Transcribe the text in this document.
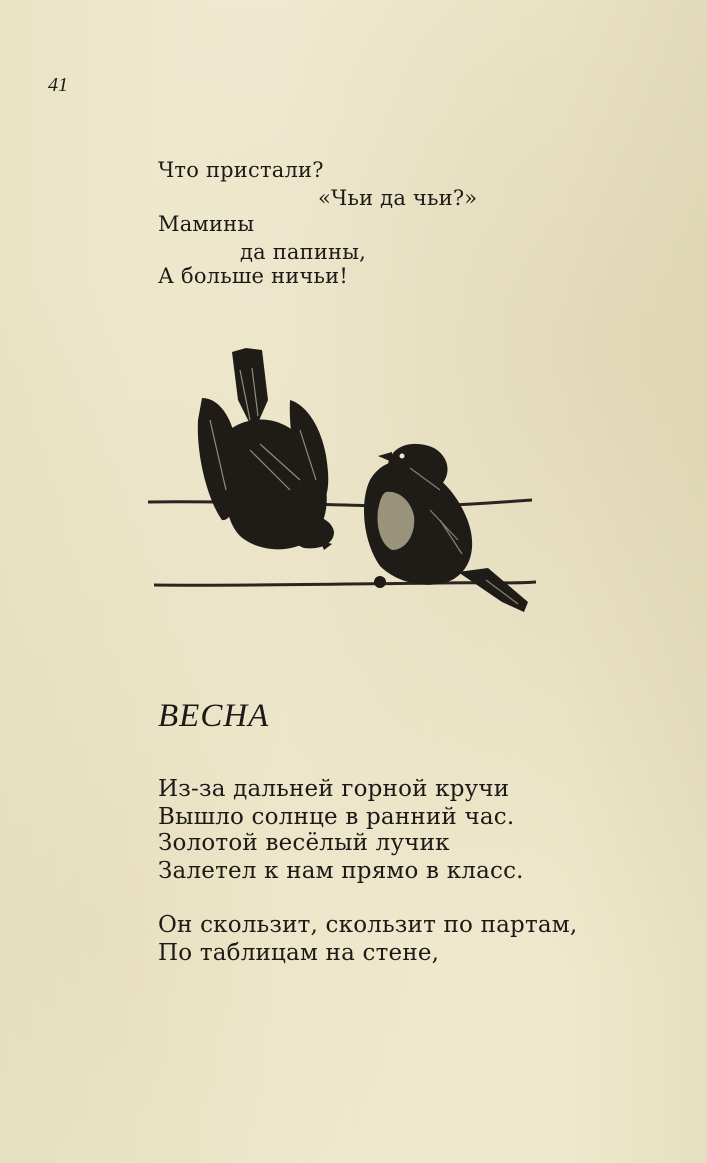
41
Что пристали?
«Чьи да чьи?»
Мамины
да папины,
А больше ничьи!
ВЕСНА
Из-за дальней горной кручи
Вышло солнце в ранний час.
Золотой весёлый лучик
Залетел к нам прямо в класс.
Он скользит, скользит по партам,
По таблицам на стене,
